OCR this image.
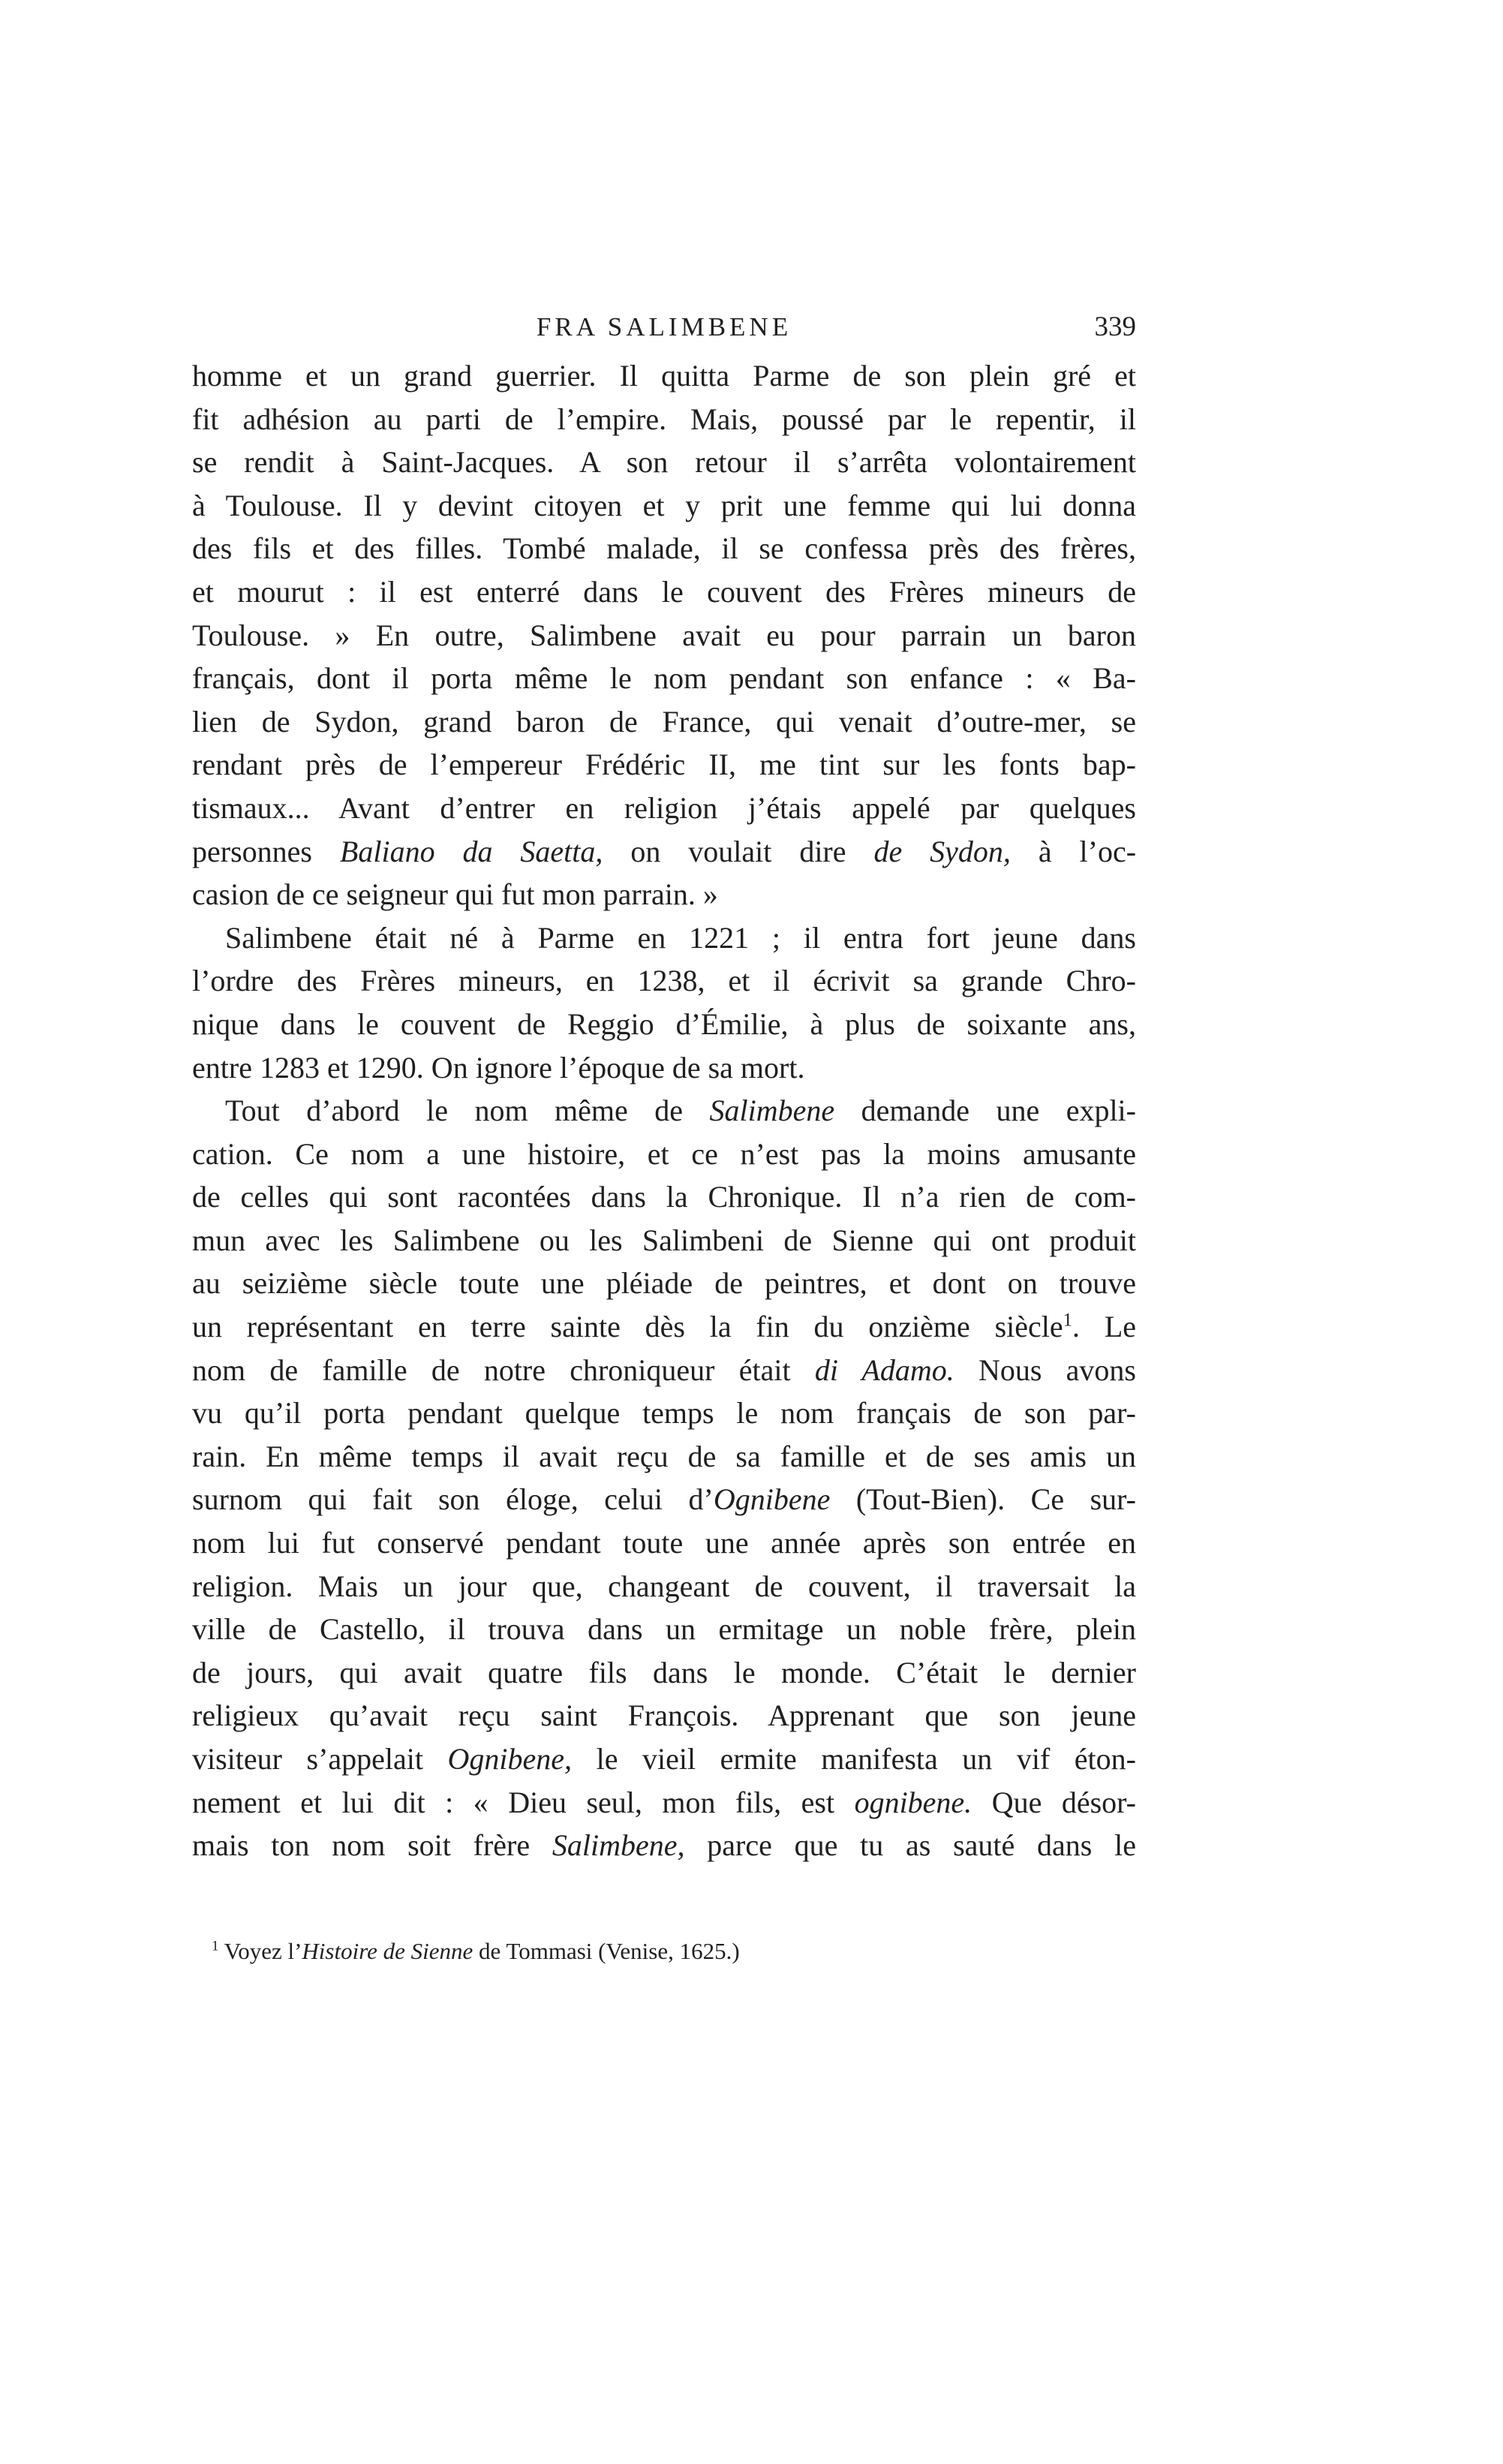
FRA SALIMBENE	339
homme et un grand guerrier. Il quitta Parme de son plein gré et
fit adhésion au parti de l’empire. Mais, poussé par le repentir, il
se rendit à Saint-Jacques. A son retour il s’arrêta volontairement
à Toulouse. Il y devint citoyen et y prit une femme qui lui donna
des fils et des filles. Tombé malade, il se confessa près des frères,
et mourut : il est enterré dans le couvent des Frères mineurs de
Toulouse. » En outre, Salimbene avait eu pour parrain un baron
français, dont il porta même le nom pendant son enfance : « Ba-
lien de Sydon, grand baron de France, qui venait d’outre-mer, se
rendant près de l’empereur Frédéric II, me tint sur les fonts bap-
tismaux... Avant d’entrer en religion j’étais appelé par quelques
personnes Baliano da Saetta, on voulait dire de Sydon, à l’oc-
casion de ce seigneur qui fut mon parrain. »
Salimbene était né à Parme en 1221 ; il entra fort jeune dans
l’ordre des Frères mineurs, en 1238, et il écrivit sa grande Chro-
nique dans le couvent de Reggio d’Émilie, à plus de soixante ans,
entre 1283 et 1290. On ignore l’époque de sa mort.
Tout d’abord le nom même de Salimbene demande une expli-
cation. Ce nom a une histoire, et ce n’est pas la moins amusante
de celles qui sont racontées dans la Chronique. Il n’a rien de com-
mun avec les Salimbene ou les Salimbeni de Sienne qui ont produit
au seizième siècle toute une pléiade de peintres, et dont on trouve
un représentant en terre sainte dès la fin du onzième siècle$^1$. Le
nom de famille de notre chroniqueur était di Adamo. Nous avons
vu qu’il porta pendant quelque temps le nom français de son par-
rain. En même temps il avait reçu de sa famille et de ses amis un
surnom qui fait son éloge, celui d’Ognibene (Tout-Bien). Ce sur-
nom lui fut conservé pendant toute une année après son entrée en
religion. Mais un jour que, changeant de couvent, il traversait la
ville de Castello, il trouva dans un ermitage un noble frère, plein
de jours, qui avait quatre fils dans le monde. C’était le dernier
religieux qu’avait reçu saint François. Apprenant que son jeune
visiteur s’appelait Ognibene, le vieil ermite manifesta un vif éton-
nement et lui dit : « Dieu seul, mon fils, est ognibene. Que désor-
mais ton nom soit frère Salimbene, parce que tu as sauté dans le
$^1$ Voyez l’Histoire de Sienne de Tommasi (Venise, 1625.)
